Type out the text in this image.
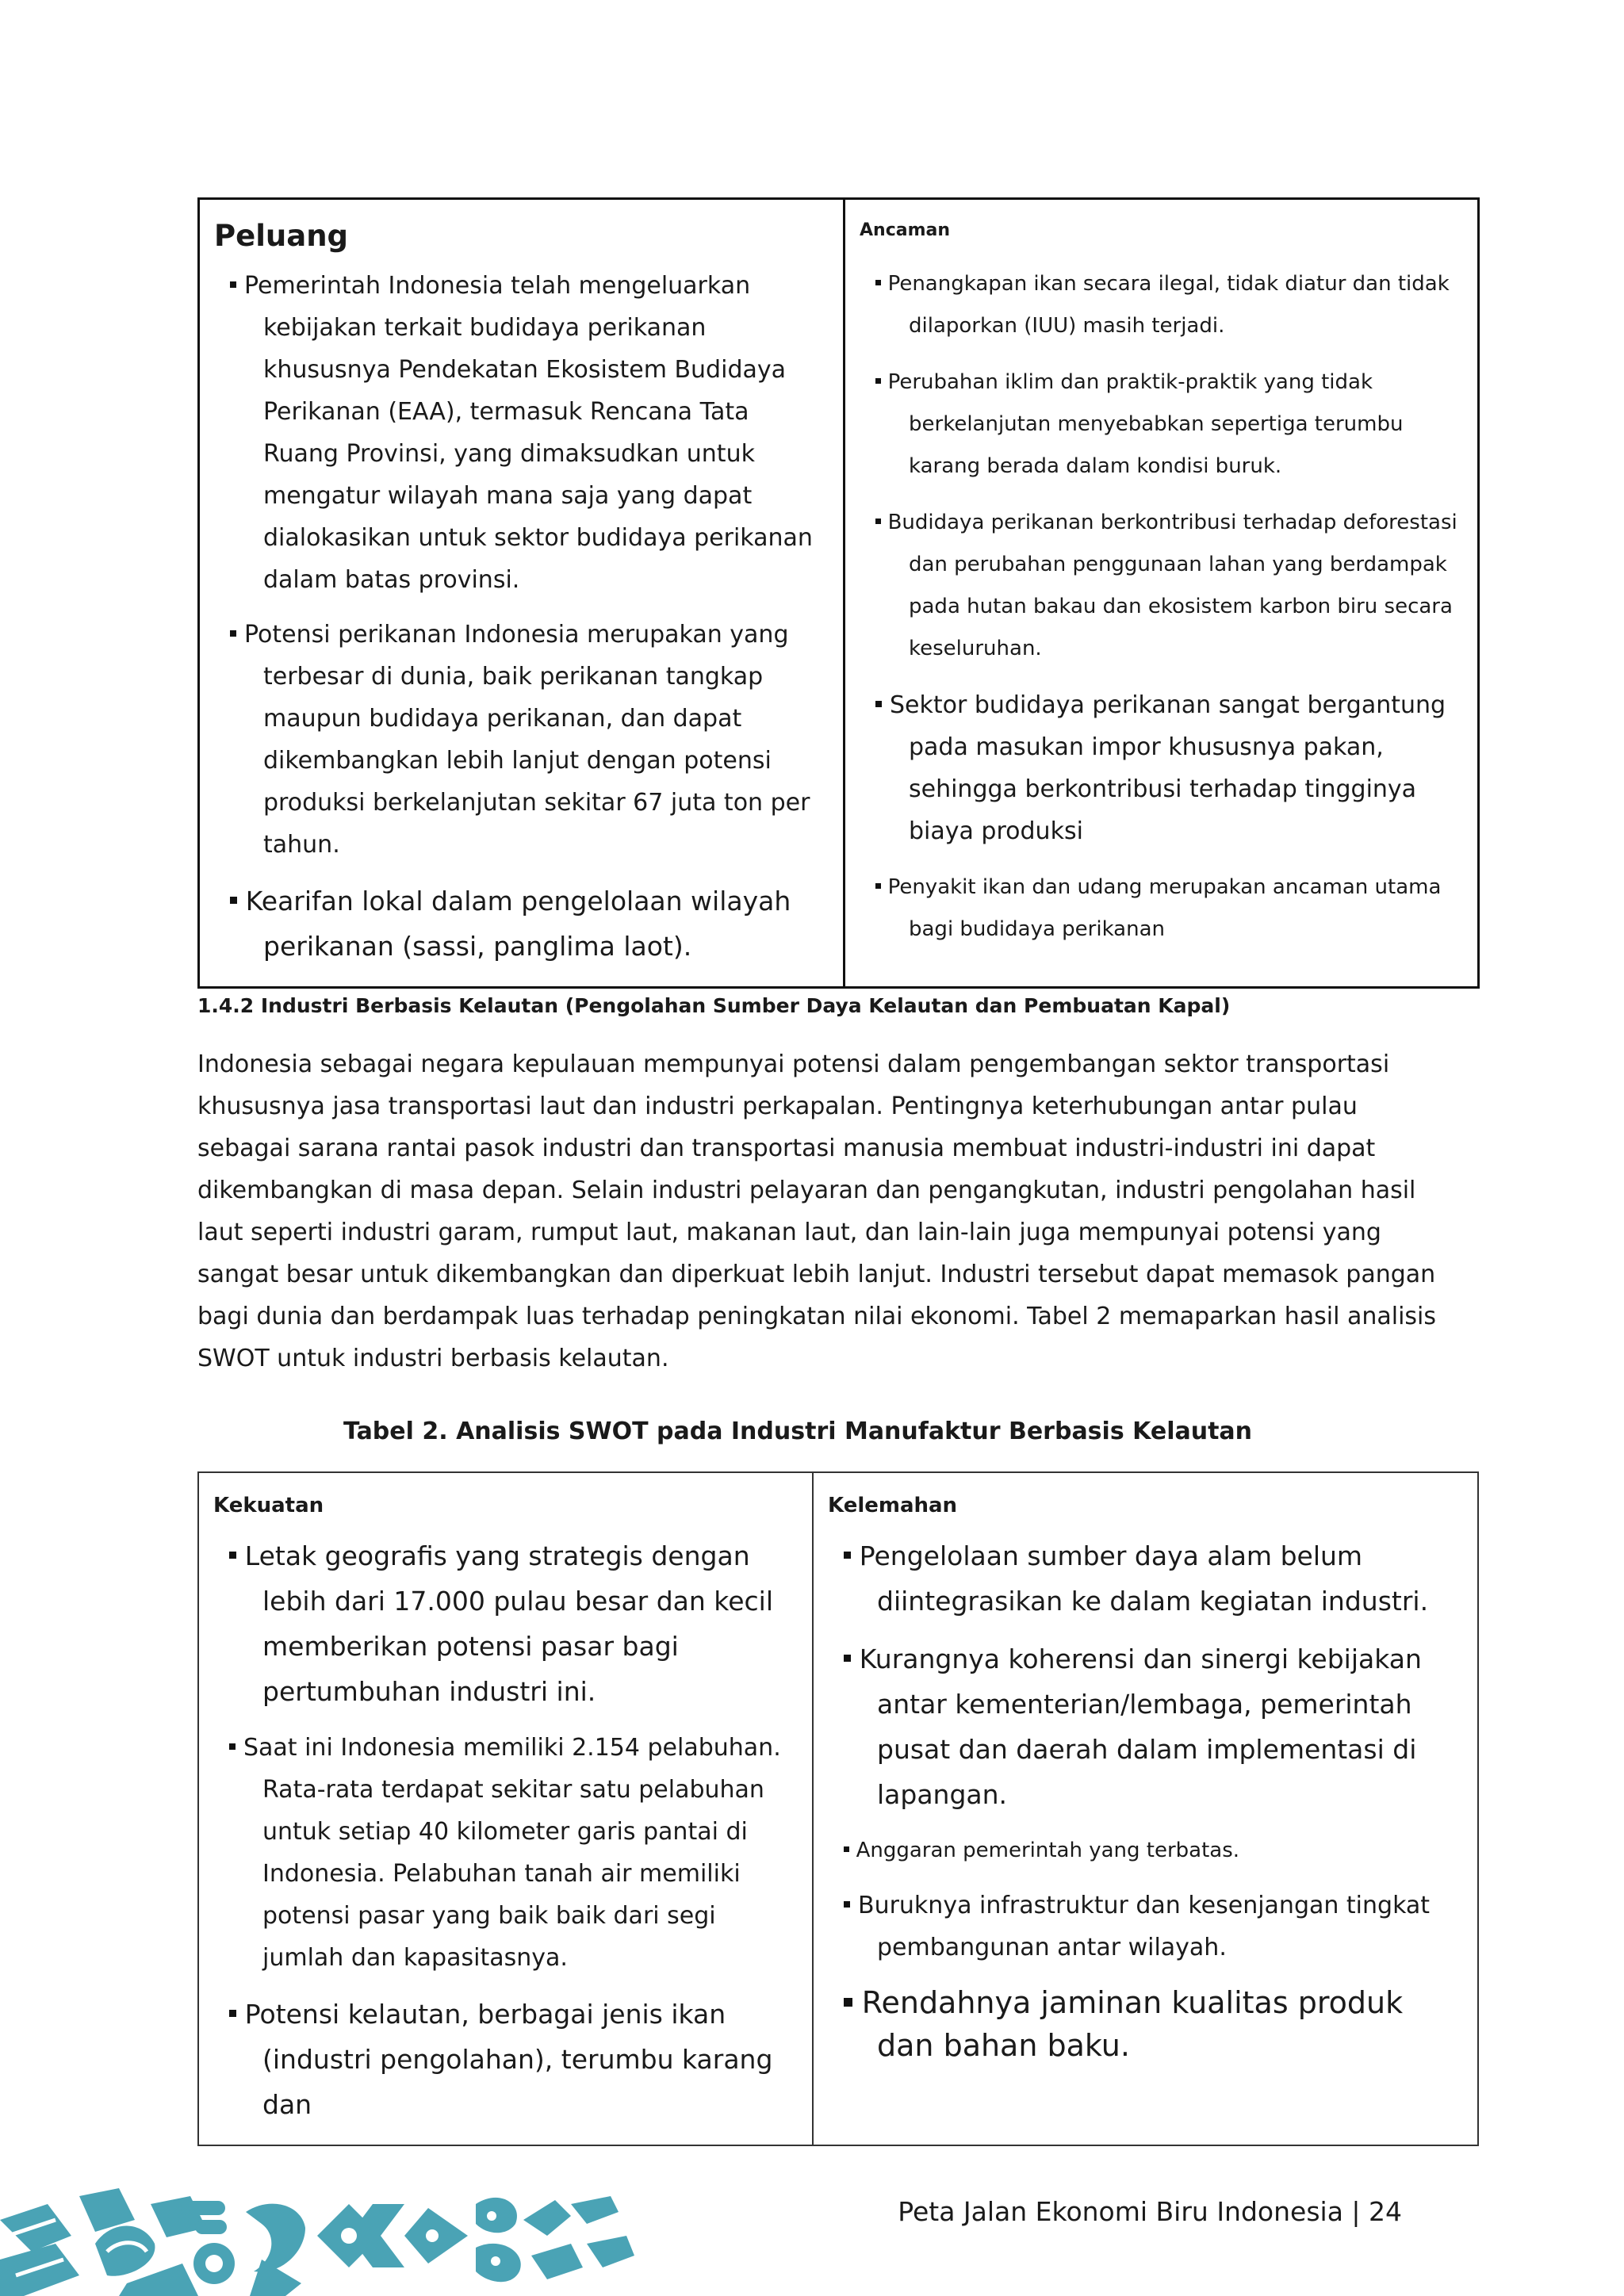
Peluang
Pemerintah Indonesia telah mengeluarkan kebijakan terkait budidaya perikanan khususnya Pendekatan Ekosistem Budidaya Perikanan (EAA), termasuk Rencana Tata Ruang Provinsi, yang dimaksudkan untuk mengatur wilayah mana saja yang dapat dialokasikan untuk sektor budidaya perikanan dalam batas provinsi.
Potensi perikanan Indonesia merupakan yang terbesar di dunia, baik perikanan tangkap maupun budidaya perikanan, dan dapat dikembangkan lebih lanjut dengan potensi produksi berkelanjutan sekitar 67 juta ton per tahun.
Kearifan lokal dalam pengelolaan wilayah perikanan (sassi, panglima laot).

Ancaman
Penangkapan ikan secara ilegal, tidak diatur dan tidak dilaporkan (IUU) masih terjadi.
Perubahan iklim dan praktik-praktik yang tidak berkelanjutan menyebabkan sepertiga terumbu karang berada dalam kondisi buruk.
Budidaya perikanan berkontribusi terhadap deforestasi dan perubahan penggunaan lahan yang berdampak pada hutan bakau dan ekosistem karbon biru secara keseluruhan.
Sektor budidaya perikanan sangat bergantung pada masukan impor khususnya pakan, sehingga berkontribusi terhadap tingginya biaya produksi
Penyakit ikan dan udang merupakan ancaman utama bagi budidaya perikanan
1.4.2 Industri Berbasis Kelautan (Pengolahan Sumber Daya Kelautan dan Pembuatan Kapal)

Indonesia sebagai negara kepulauan mempunyai potensi dalam pengembangan sektor transportasi khususnya jasa transportasi laut dan industri perkapalan. Pentingnya keterhubungan antar pulau sebagai sarana rantai pasok industri dan transportasi manusia membuat industri-industri ini dapat dikembangkan di masa depan. Selain industri pelayaran dan pengangkutan, industri pengolahan hasil laut seperti industri garam, rumput laut, makanan laut, dan lain-lain juga mempunyai potensi yang sangat besar untuk dikembangkan dan diperkuat lebih lanjut. Industri tersebut dapat memasok pangan bagi dunia dan berdampak luas terhadap peningkatan nilai ekonomi. Tabel 2 memaparkan hasil analisis SWOT untuk industri berbasis kelautan.

Tabel 2. Analisis SWOT pada Industri Manufaktur Berbasis Kelautan
Kekuatan
Letak geografis yang strategis dengan lebih dari 17.000 pulau besar dan kecil memberikan potensi pasar bagi pertumbuhan industri ini.
Saat ini Indonesia memiliki 2.154 pelabuhan. Rata-rata terdapat sekitar satu pelabuhan untuk setiap 40 kilometer garis pantai di Indonesia. Pelabuhan tanah air memiliki potensi pasar yang baik baik dari segi jumlah dan kapasitasnya.
Potensi kelautan, berbagai jenis ikan (industri pengolahan), terumbu karang dan

Kelemahan
Pengelolaan sumber daya alam belum diintegrasikan ke dalam kegiatan industri.
Kurangnya koherensi dan sinergi kebijakan antar kementerian/lembaga, pemerintah pusat dan daerah dalam implementasi di lapangan.
Anggaran pemerintah yang terbatas.
Buruknya infrastruktur dan kesenjangan tingkat pembangunan antar wilayah.
Rendahnya jaminan kualitas produk dan bahan baku.
Peta Jalan Ekonomi Biru Indonesia | 24
